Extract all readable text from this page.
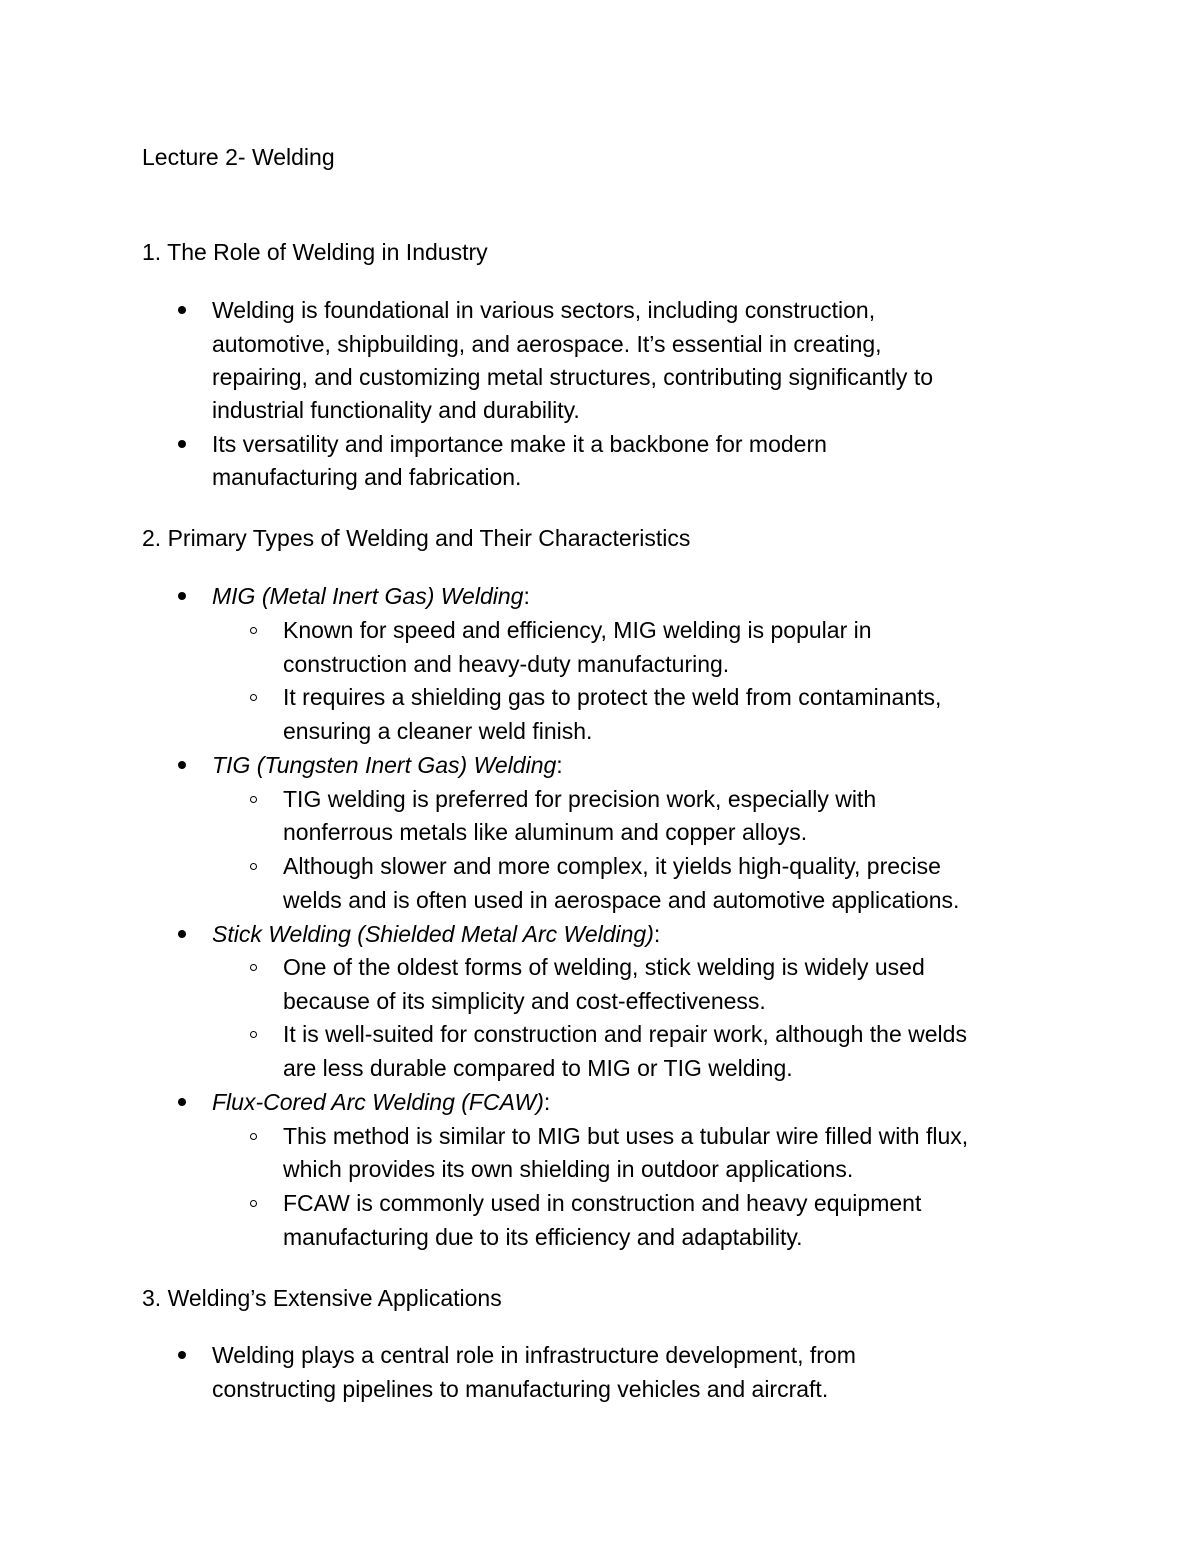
Lecture 2- Welding
1. The Role of Welding in Industry
Welding is foundational in various sectors, including construction,
automotive, shipbuilding, and aerospace. It’s essential in creating,
repairing, and customizing metal structures, contributing significantly to
industrial functionality and durability.
Its versatility and importance make it a backbone for modern
manufacturing and fabrication.
2. Primary Types of Welding and Their Characteristics
MIG (Metal Inert Gas) Welding:
Known for speed and efficiency, MIG welding is popular in
construction and heavy-duty manufacturing.
It requires a shielding gas to protect the weld from contaminants,
ensuring a cleaner weld finish.
TIG (Tungsten Inert Gas) Welding:
TIG welding is preferred for precision work, especially with
nonferrous metals like aluminum and copper alloys.
Although slower and more complex, it yields high-quality, precise
welds and is often used in aerospace and automotive applications.
Stick Welding (Shielded Metal Arc Welding):
One of the oldest forms of welding, stick welding is widely used
because of its simplicity and cost-effectiveness.
It is well-suited for construction and repair work, although the welds
are less durable compared to MIG or TIG welding.
Flux-Cored Arc Welding (FCAW):
This method is similar to MIG but uses a tubular wire filled with flux,
which provides its own shielding in outdoor applications.
FCAW is commonly used in construction and heavy equipment
manufacturing due to its efficiency and adaptability.
3. Welding’s Extensive Applications
Welding plays a central role in infrastructure development, from
constructing pipelines to manufacturing vehicles and aircraft.
